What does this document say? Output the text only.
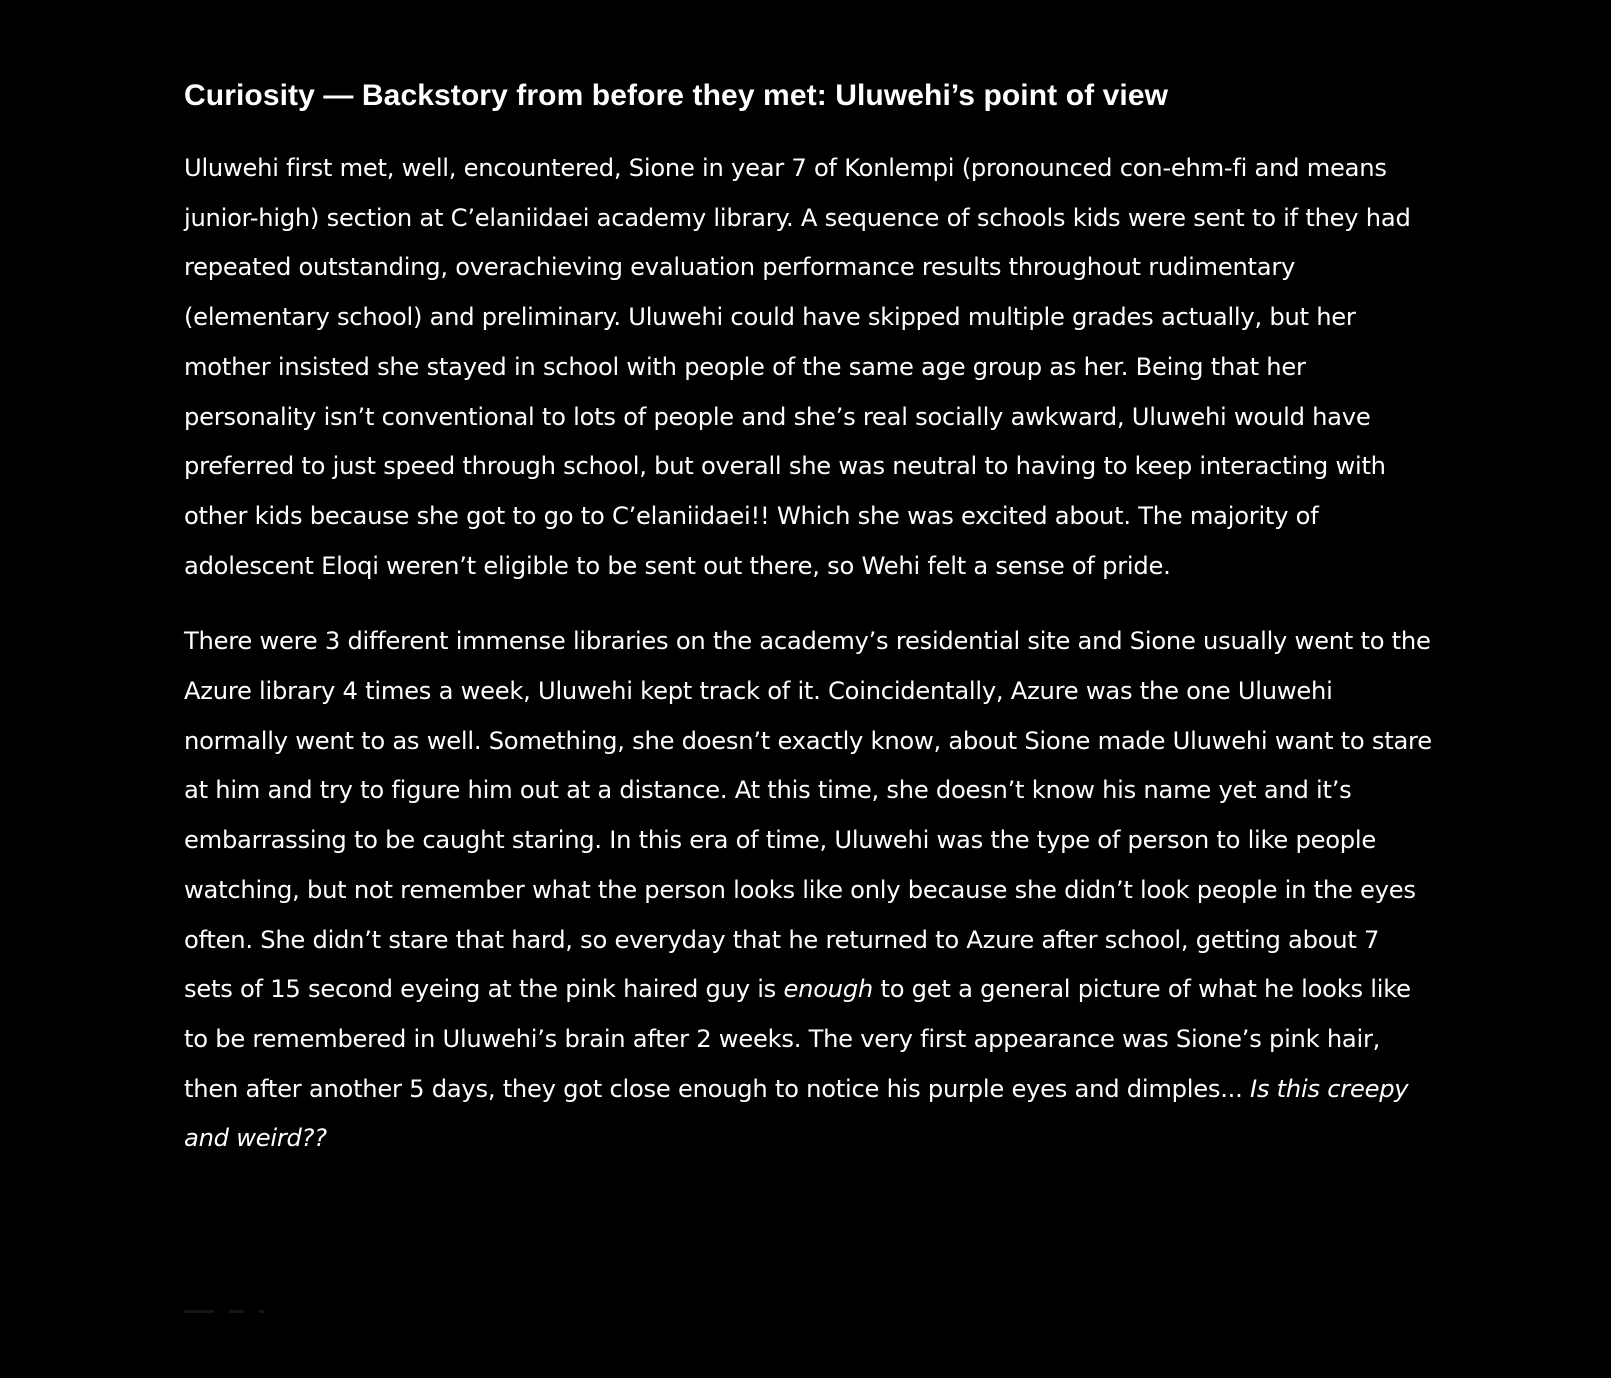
Curiosity — Backstory from before they met: Uluwehi’s point of view

Uluwehi first met, well, encountered, Sione in year 7 of Konlempi (pronounced con-ehm-fi and means junior-high) section at C’elaniidaei academy library. A sequence of schools kids were sent to if they had repeated outstanding, overachieving evaluation performance results throughout rudimentary (elementary school) and preliminary. Uluwehi could have skipped multiple grades actually, but her mother insisted she stayed in school with people of the same age group as her. Being that her personality isn’t conventional to lots of people and she’s real socially awkward, Uluwehi would have preferred to just speed through school, but overall she was neutral to having to keep interacting with other kids because she got to go to C’elaniidaei!! Which she was excited about. The majority of adolescent Eloqi weren’t eligible to be sent out there, so Wehi felt a sense of pride.

There were 3 different immense libraries on the academy’s residential site and Sione usually went to the Azure library 4 times a week, Uluwehi kept track of it. Coincidentally, Azure was the one Uluwehi normally went to as well. Something, she doesn’t exactly know, about Sione made Uluwehi want to stare at him and try to figure him out at a distance. At this time, she doesn’t know his name yet and it’s embarrassing to be caught staring. In this era of time, Uluwehi was the type of person to like people watching, but not remember what the person looks like only because she didn’t look people in the eyes often. She didn’t stare that hard, so everyday that he returned to Azure after school, getting about 7 sets of 15 second eyeing at the pink haired guy is enough to get a general picture of what he looks like to be remembered in Uluwehi’s brain after 2 weeks. The very first appearance was Sione’s pink hair, then after another 5 days, they got close enough to notice his purple eyes and dimples... Is this creepy and weird??
